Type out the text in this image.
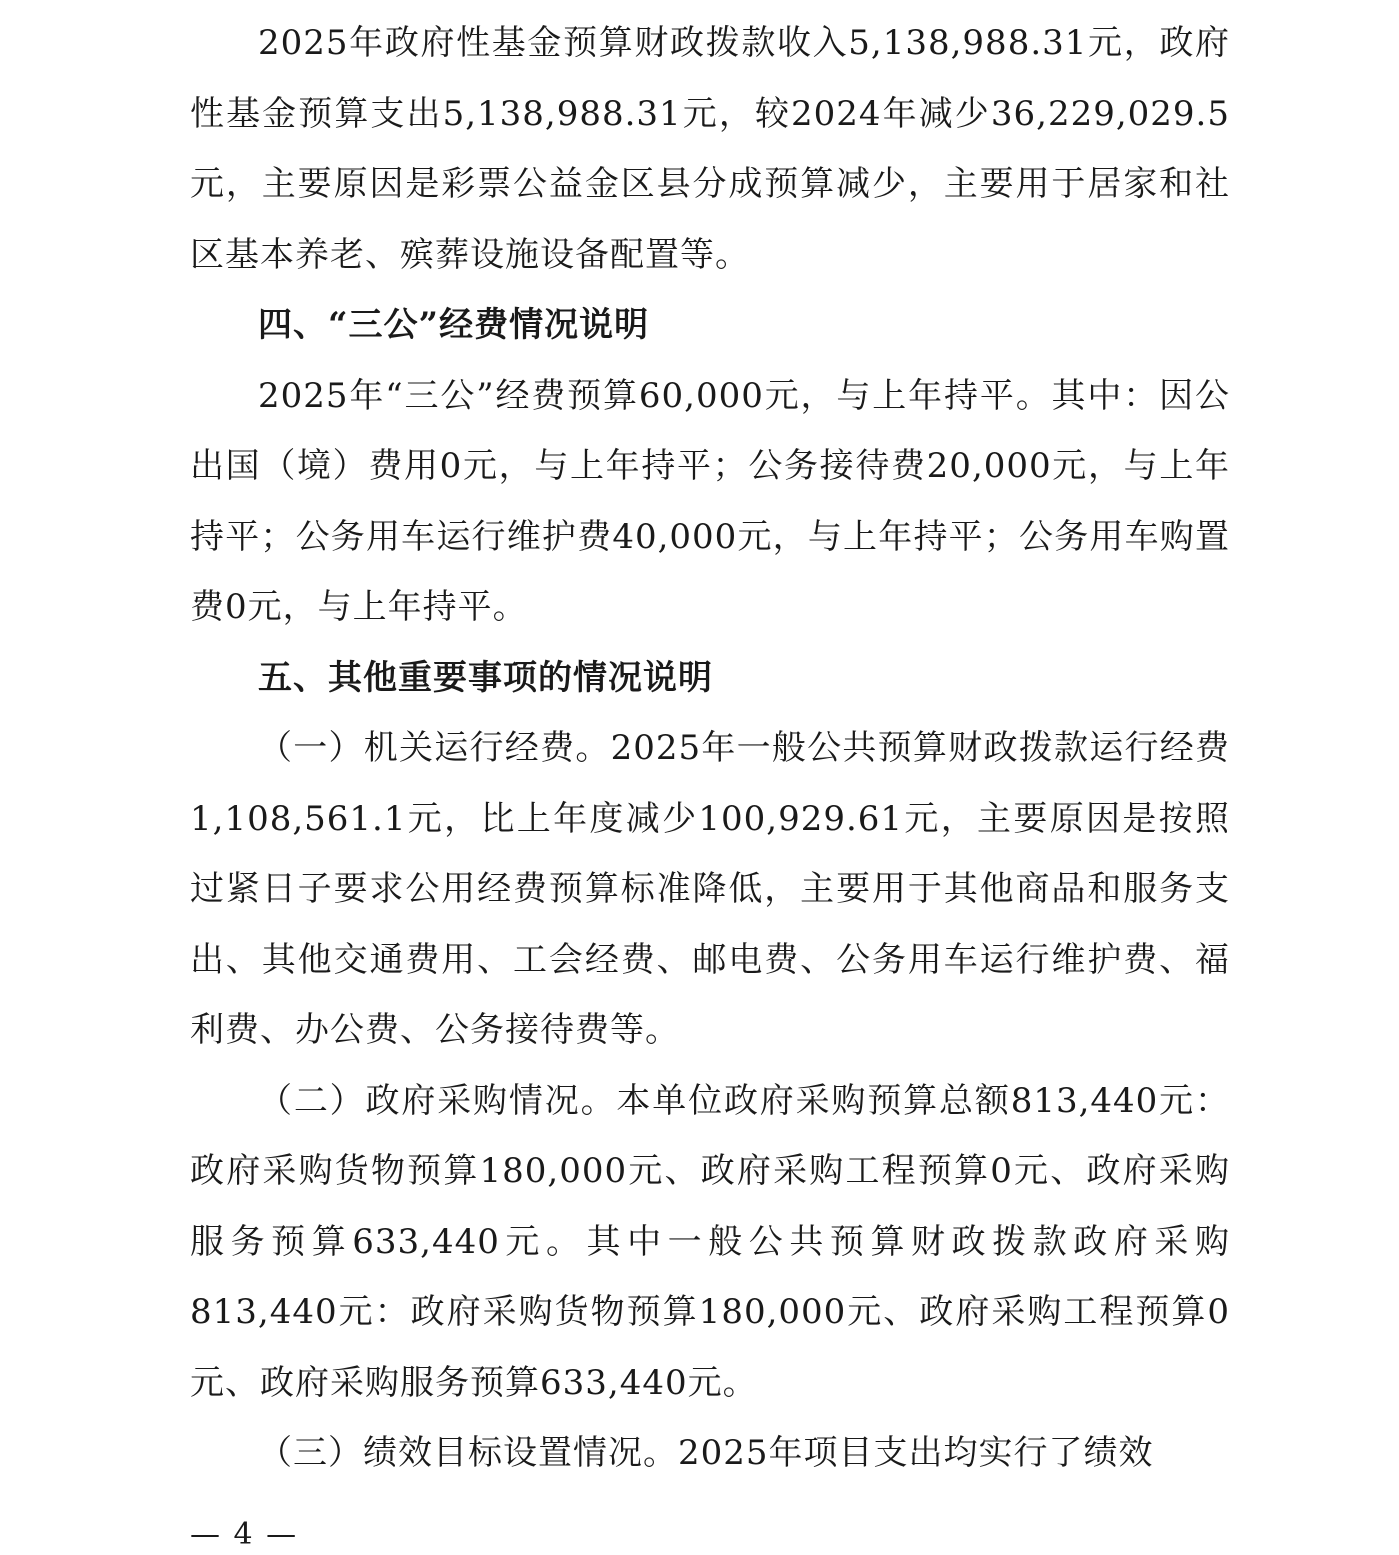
2025年政府性基金预算财政拨款收入5,138,988.31元，政府性基金预算支出5,138,988.31元，较2024年减少36,229,029.5元，主要原因是彩票公益金区县分成预算减少，主要用于居家和社区基本养老、殡葬设施设备配置等。

四、“三公”经费情况说明

2025年“三公”经费预算60,000元，与上年持平。其中：因公出国（境）费用0元，与上年持平；公务接待费20,000元，与上年持平；公务用车运行维护费40,000元，与上年持平；公务用车购置费0元，与上年持平。

五、其他重要事项的情况说明

（一）机关运行经费。2025年一般公共预算财政拨款运行经费1,108,561.1元，比上年度减少100,929.61元，主要原因是按照过紧日子要求公用经费预算标准降低，主要用于其他商品和服务支出、其他交通费用、工会经费、邮电费、公务用车运行维护费、福利费、办公费、公务接待费等。

（二）政府采购情况。本单位政府采购预算总额813,440元：政府采购货物预算180,000元、政府采购工程预算0元、政府采购服务预算633,440元。其中一般公共预算财政拨款政府采购813,440元：政府采购货物预算180,000元、政府采购工程预算0元、政府采购服务预算633,440元。

（三）绩效目标设置情况。2025年项目支出均实行了绩效

— 4 —
